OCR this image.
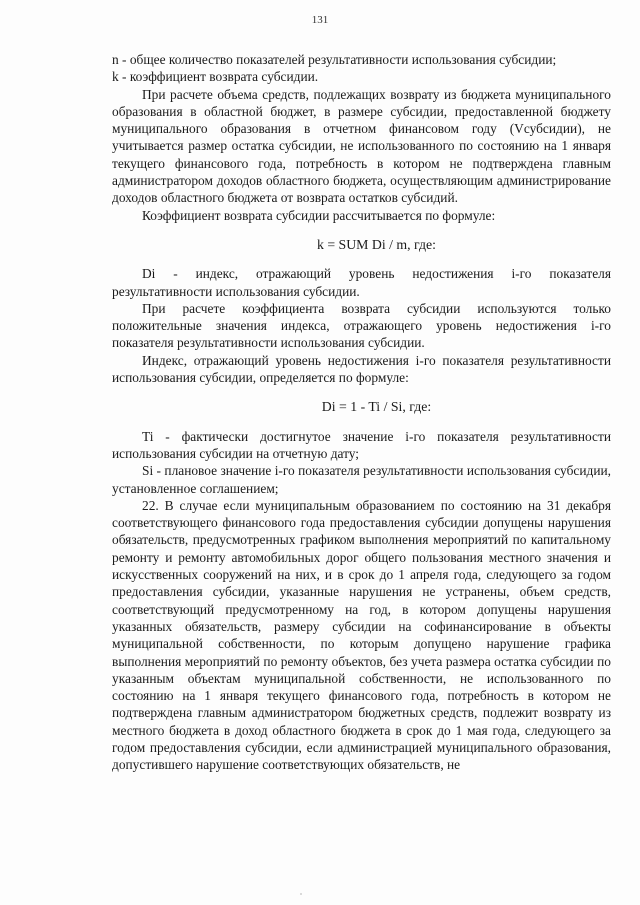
131

n - общее количество показателей результативности использования субсидии;

k - коэффициент возврата субсидии.

При расчете объема средств, подлежащих возврату из бюджета муниципального образования в областной бюджет, в размере субсидии, предоставленной бюджету муниципального образования в отчетном финансовом году (Vсубсидии), не учитывается размер остатка субсидии, не использованного по состоянию на 1 января текущего финансового года, потребность в котором не подтверждена главным администратором доходов областного бюджета, осуществляющим администрирование доходов областного бюджета от возврата остатков субсидий.

Коэффициент возврата субсидии рассчитывается по формуле:

k = SUM Di / m, где:

Di - индекс, отражающий уровень недостижения i-го показателя результативности использования субсидии.

При расчете коэффициента возврата субсидии используются только положительные значения индекса, отражающего уровень недостижения i-го показателя результативности использования субсидии.

Индекс, отражающий уровень недостижения i-го показателя результативности использования субсидии, определяется по формуле:

Di = 1 - Ti / Si, где:

Ti - фактически достигнутое значение i-го показателя результативности использования субсидии на отчетную дату;

Si - плановое значение i-го показателя результативности использования субсидии, установленное соглашением;

22. В случае если муниципальным образованием по состоянию на 31 декабря соответствующего финансового года предоставления субсидии допущены нарушения обязательств, предусмотренных графиком выполнения мероприятий по капитальному ремонту и ремонту автомобильных дорог общего пользования местного значения и искусственных сооружений на них, и в срок до 1 апреля года, следующего за годом предоставления субсидии, указанные нарушения не устранены, объем средств, соответствующий предусмотренному на год, в котором допущены нарушения указанных обязательств, размеру субсидии на софинансирование в объекты муниципальной собственности, по которым допущено нарушение графика выполнения мероприятий по ремонту объектов, без учета размера остатка субсидии по указанным объектам муниципальной собственности, не использованного по состоянию на 1 января текущего финансового года, потребность в котором не подтверждена главным администратором бюджетных средств, подлежит возврату из местного бюджета в доход областного бюджета в срок до 1 мая года, следующего за годом предоставления субсидии, если администрацией муниципального образования, допустившего нарушение соответствующих обязательств, не
